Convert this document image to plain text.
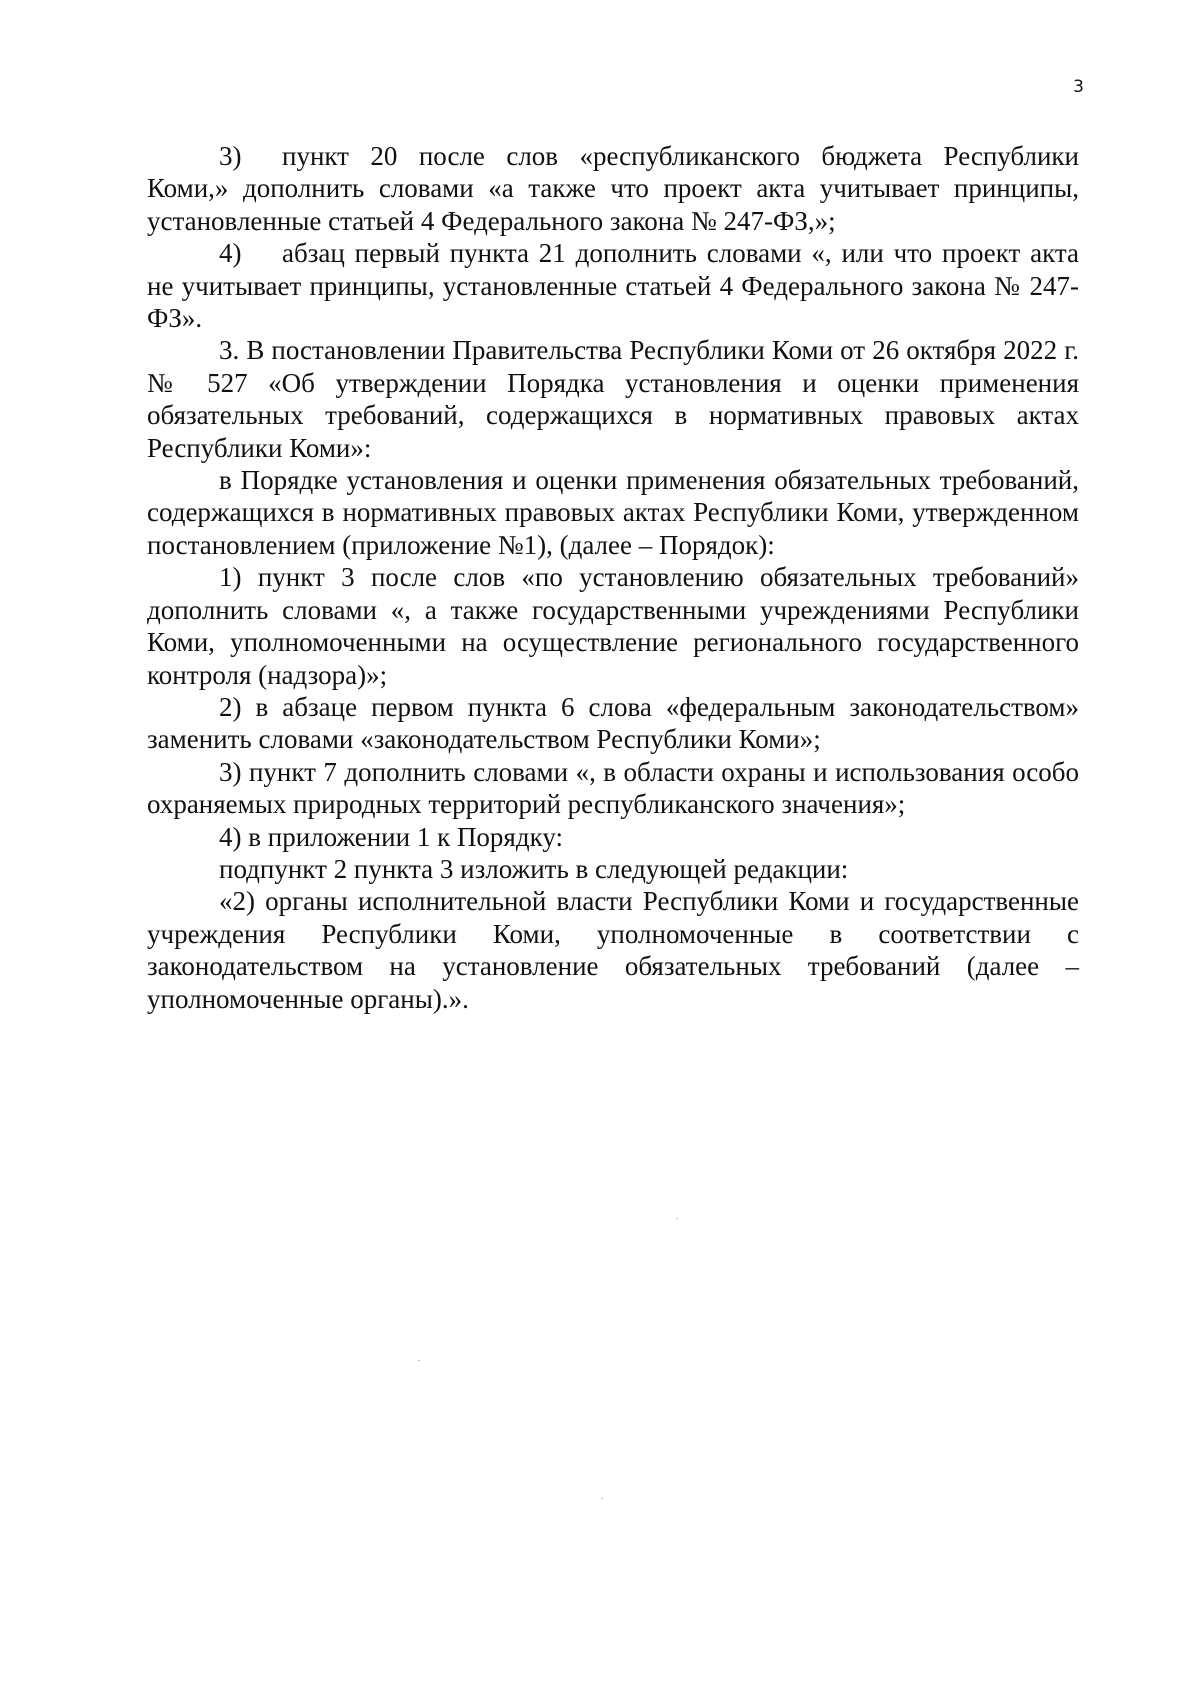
3

3)  пункт 20 после слов «республиканского бюджета Республики Коми,» дополнить словами «а также что проект акта учитывает принципы, установленные статьей 4 Федерального закона № 247-ФЗ,»;

4)  абзац первый пункта 21 дополнить словами «, или что проект акта не учитывает принципы, установленные статьей 4 Федерального закона № 247-ФЗ».

3. В постановлении Правительства Республики Коми от 26 октября 2022 г. № 527 «Об утверждении Порядка установления и оценки применения обязательных требований, содержащихся в нормативных правовых актах Республики Коми»:

в Порядке установления и оценки применения обязательных требований, содержащихся в нормативных правовых актах Республики Коми, утвержденном постановлением (приложение №1), (далее – Порядок):

1) пункт 3 после слов «по установлению обязательных требований» дополнить словами «, а также государственными учреждениями Республики Коми, уполномоченными на осуществление регионального государственного контроля (надзора)»;

2) в абзаце первом пункта 6 слова «федеральным законодательством» заменить словами «законодательством Республики Коми»;

3) пункт 7 дополнить словами «, в области охраны и использования особо охраняемых природных территорий республиканского значения»;

4) в приложении 1 к Порядку:

подпункт 2 пункта 3 изложить в следующей редакции:

«2) органы исполнительной власти Республики Коми и государственные учреждения Республики Коми, уполномоченные в соответствии с законодательством на установление обязательных требований (далее – уполномоченные органы).».
